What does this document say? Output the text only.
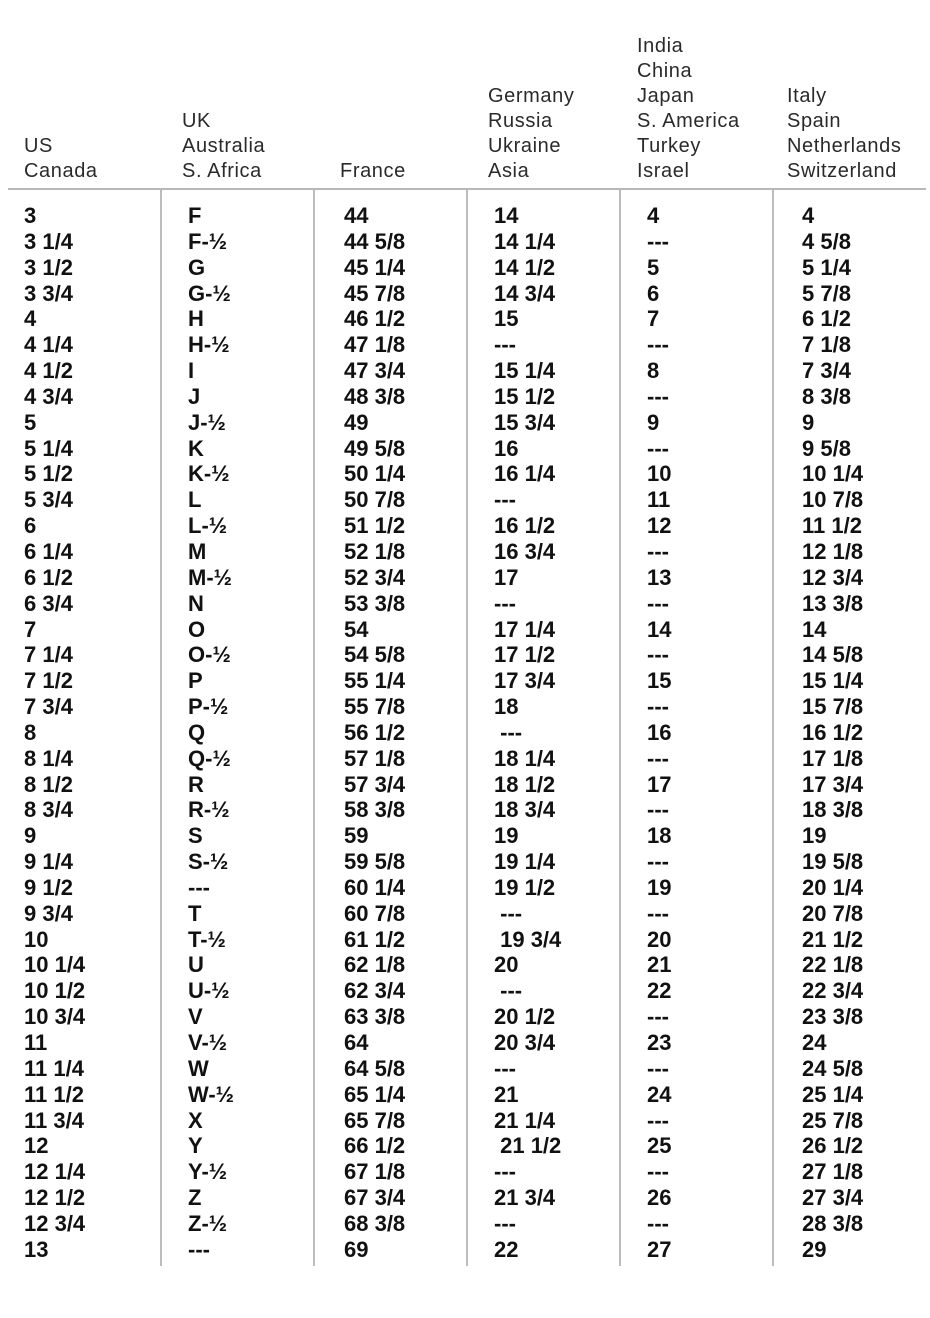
US
Canada
UK
Australia
S. Africa	France
Germany
Russia
Ukraine
Asia
India
China
Japan
S. America
Turkey
Israel
Italy
Spain
Netherlands
Switzerland
3
3 1/4
3 1/2
3 3/4
4
4 1/4
4 1/2
4 3/4
5
5 1/4
5 1/2
5 3/4
6
6 1/4
6 1/2
6 3/4
7
7 1/4
7 1/2
7 3/4
8
8 1/4
8 1/2
8 3/4
9
9 1/4
9 1/2
9 3/4
10
10 1/4
10 1/2
10 3/4
11
11 1/4
11 1/2
11 3/4
12
12 1/4
12 1/2
12 3/4
13
F
F-½
G
G-½
H
H-½
I
J
J-½
K
K-½
L
L-½
M
M-½
N
O
O-½
P
P-½
Q
Q-½
R
R-½
S
S-½
---
T
T-½
U
U-½
V
V-½
W
W-½
X
Y
Y-½
Z
Z-½
---
44
44 5/8
45 1/4
45 7/8
46 1/2
47 1/8
47 3/4
48 3/8
49
49 5/8
50 1/4
50 7/8
51 1/2
52 1/8
52 3/4
53 3/8
54
54 5/8
55 1/4
55 7/8
56 1/2
57 1/8
57 3/4
58 3/8
59
59 5/8
60 1/4
60 7/8
61 1/2
62 1/8
62 3/4
63 3/8
64
64 5/8
65 1/4
65 7/8
66 1/2
67 1/8
67 3/4
68 3/8
69
14
14 1/4
14 1/2
14 3/4
15
---
15 1/4
15 1/2
15 3/4
16
16 1/4
---
16 1/2
16 3/4
17
---
17 1/4
17 1/2
17 3/4
18
---
18 1/4
18 1/2
18 3/4
19
19 1/4
19 1/2
---
19 3/4
20
---
20 1/2
20 3/4
---
21
21 1/4
21 1/2
---
21 3/4
---
22
4
---
5
6
7
---
8
---
9
---
10
11
12
---
13
---
14
---
15
---
16
---
17
---
18
---
19
---
20
21
22
---
23
---
24
---
25
---
26
---
27
4
4 5/8
5 1/4
5 7/8
6 1/2
7 1/8
7 3/4
8 3/8
9
9 5/8
10 1/4
10 7/8
11 1/2
12 1/8
12 3/4
13 3/8
14
14 5/8
15 1/4
15 7/8
16 1/2
17 1/8
17 3/4
18 3/8
19
19 5/8
20 1/4
20 7/8
21 1/2
22 1/8
22 3/4
23 3/8
24
24 5/8
25 1/4
25 7/8
26 1/2
27 1/8
27 3/4
28 3/8
29
